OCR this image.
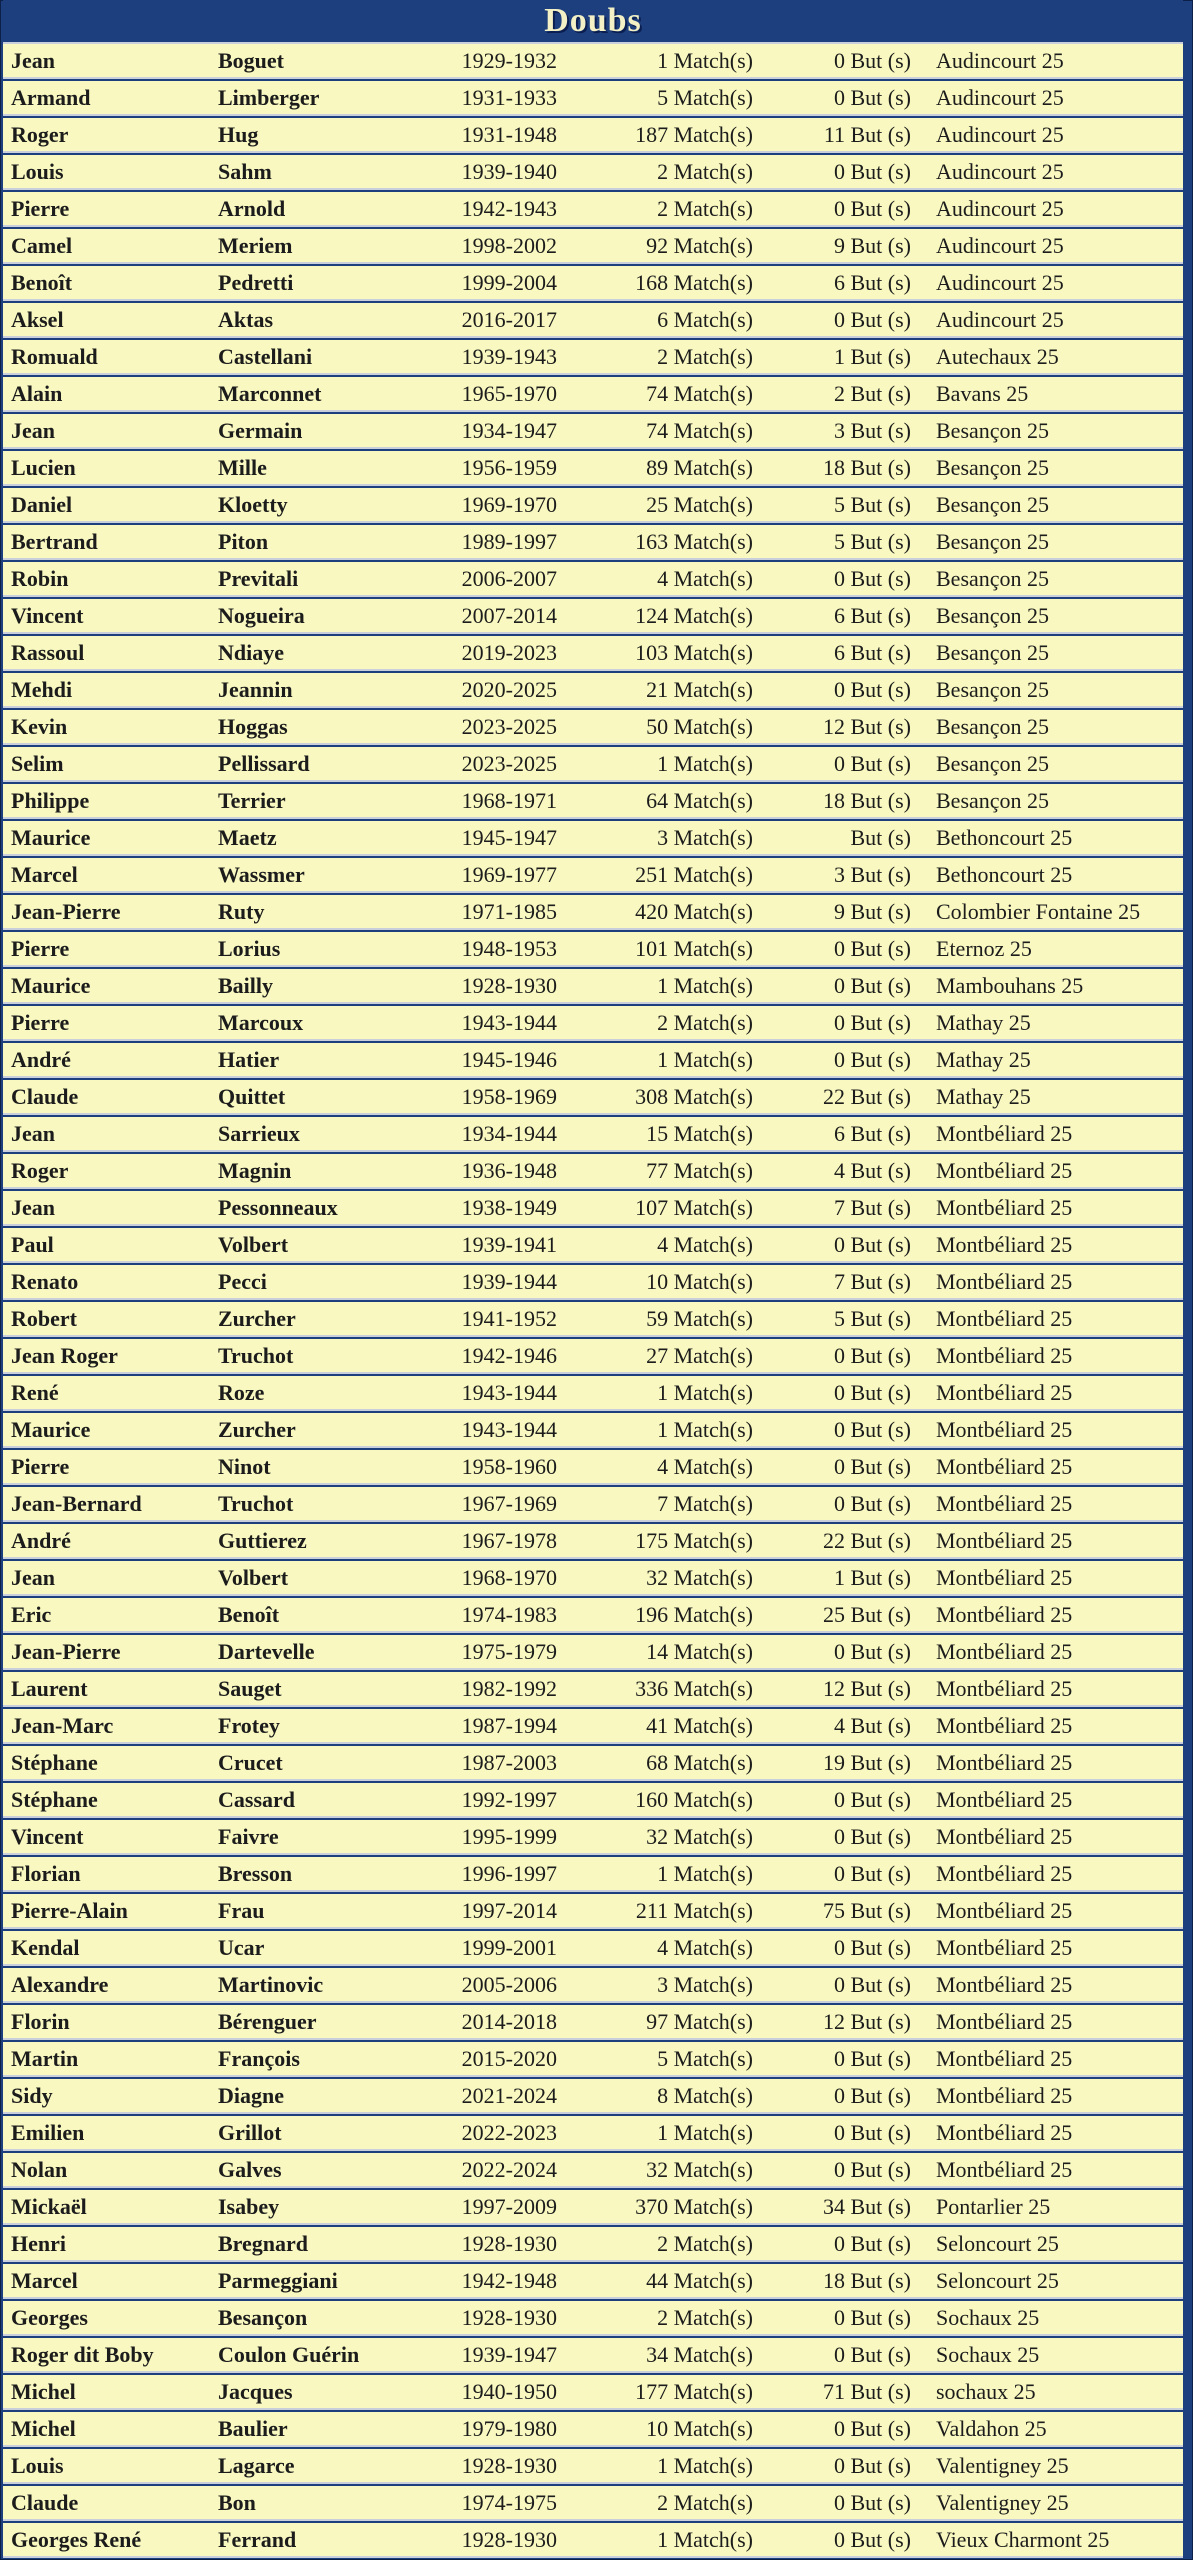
Doubs
Jean	Boguet	1929-1932	1 Match(s)	0 But (s)	Audincourt 25
Armand	Limberger	1931-1933	5 Match(s)	0 But (s)	Audincourt 25
Roger	Hug	1931-1948	187 Match(s)	11 But (s)	Audincourt 25
Louis	Sahm	1939-1940	2 Match(s)	0 But (s)	Audincourt 25
Pierre	Arnold	1942-1943	2 Match(s)	0 But (s)	Audincourt 25
Camel	Meriem	1998-2002	92 Match(s)	9 But (s)	Audincourt 25
Benoît	Pedretti	1999-2004	168 Match(s)	6 But (s)	Audincourt 25
Aksel	Aktas	2016-2017	6 Match(s)	0 But (s)	Audincourt 25
Romuald	Castellani	1939-1943	2 Match(s)	1 But (s)	Autechaux 25
Alain	Marconnet	1965-1970	74 Match(s)	2 But (s)	Bavans 25
Jean	Germain	1934-1947	74 Match(s)	3 But (s)	Besançon 25
Lucien	Mille	1956-1959	89 Match(s)	18 But (s)	Besançon 25
Daniel	Kloetty	1969-1970	25 Match(s)	5 But (s)	Besançon 25
Bertrand	Piton	1989-1997	163 Match(s)	5 But (s)	Besançon 25
Robin	Previtali	2006-2007	4 Match(s)	0 But (s)	Besançon 25
Vincent	Nogueira	2007-2014	124 Match(s)	6 But (s)	Besançon 25
Rassoul	Ndiaye	2019-2023	103 Match(s)	6 But (s)	Besançon 25
Mehdi	Jeannin	2020-2025	21 Match(s)	0 But (s)	Besançon 25
Kevin	Hoggas	2023-2025	50 Match(s)	12 But (s)	Besançon 25
Selim	Pellissard	2023-2025	1 Match(s)	0 But (s)	Besançon 25
Philippe	Terrier	1968-1971	64 Match(s)	18 But (s)	Besançon 25
Maurice	Maetz	1945-1947	3 Match(s)	But (s)	Bethoncourt 25
Marcel	Wassmer	1969-1977	251 Match(s)	3 But (s)	Bethoncourt 25
Jean-Pierre	Ruty	1971-1985	420 Match(s)	9 But (s)	Colombier Fontaine 25
Pierre	Lorius	1948-1953	101 Match(s)	0 But (s)	Eternoz 25
Maurice	Bailly	1928-1930	1 Match(s)	0 But (s)	Mambouhans 25
Pierre	Marcoux	1943-1944	2 Match(s)	0 But (s)	Mathay 25
André	Hatier	1945-1946	1 Match(s)	0 But (s)	Mathay 25
Claude	Quittet	1958-1969	308 Match(s)	22 But (s)	Mathay 25
Jean	Sarrieux	1934-1944	15 Match(s)	6 But (s)	Montbéliard 25
Roger	Magnin	1936-1948	77 Match(s)	4 But (s)	Montbéliard 25
Jean	Pessonneaux	1938-1949	107 Match(s)	7 But (s)	Montbéliard 25
Paul	Volbert	1939-1941	4 Match(s)	0 But (s)	Montbéliard 25
Renato	Pecci	1939-1944	10 Match(s)	7 But (s)	Montbéliard 25
Robert	Zurcher	1941-1952	59 Match(s)	5 But (s)	Montbéliard 25
Jean Roger	Truchot	1942-1946	27 Match(s)	0 But (s)	Montbéliard 25
René	Roze	1943-1944	1 Match(s)	0 But (s)	Montbéliard 25
Maurice	Zurcher	1943-1944	1 Match(s)	0 But (s)	Montbéliard 25
Pierre	Ninot	1958-1960	4 Match(s)	0 But (s)	Montbéliard 25
Jean-Bernard	Truchot	1967-1969	7 Match(s)	0 But (s)	Montbéliard 25
André	Guttierez	1967-1978	175 Match(s)	22 But (s)	Montbéliard 25
Jean	Volbert	1968-1970	32 Match(s)	1 But (s)	Montbéliard 25
Eric	Benoît	1974-1983	196 Match(s)	25 But (s)	Montbéliard 25
Jean-Pierre	Dartevelle	1975-1979	14 Match(s)	0 But (s)	Montbéliard 25
Laurent	Sauget	1982-1992	336 Match(s)	12 But (s)	Montbéliard 25
Jean-Marc	Frotey	1987-1994	41 Match(s)	4 But (s)	Montbéliard 25
Stéphane	Crucet	1987-2003	68 Match(s)	19 But (s)	Montbéliard 25
Stéphane	Cassard	1992-1997	160 Match(s)	0 But (s)	Montbéliard 25
Vincent	Faivre	1995-1999	32 Match(s)	0 But (s)	Montbéliard 25
Florian	Bresson	1996-1997	1 Match(s)	0 But (s)	Montbéliard 25
Pierre-Alain	Frau	1997-2014	211 Match(s)	75 But (s)	Montbéliard 25
Kendal	Ucar	1999-2001	4 Match(s)	0 But (s)	Montbéliard 25
Alexandre	Martinovic	2005-2006	3 Match(s)	0 But (s)	Montbéliard 25
Florin	Bérenguer	2014-2018	97 Match(s)	12 But (s)	Montbéliard 25
Martin	François	2015-2020	5 Match(s)	0 But (s)	Montbéliard 25
Sidy	Diagne	2021-2024	8 Match(s)	0 But (s)	Montbéliard 25
Emilien	Grillot	2022-2023	1 Match(s)	0 But (s)	Montbéliard 25
Nolan	Galves	2022-2024	32 Match(s)	0 But (s)	Montbéliard 25
Mickaël	Isabey	1997-2009	370 Match(s)	34 But (s)	Pontarlier 25
Henri	Bregnard	1928-1930	2 Match(s)	0 But (s)	Seloncourt 25
Marcel	Parmeggiani	1942-1948	44 Match(s)	18 But (s)	Seloncourt 25
Georges	Besançon	1928-1930	2 Match(s)	0 But (s)	Sochaux 25
Roger dit Boby	Coulon Guérin	1939-1947	34 Match(s)	0 But (s)	Sochaux 25
Michel	Jacques	1940-1950	177 Match(s)	71 But (s)	sochaux 25
Michel	Baulier	1979-1980	10 Match(s)	0 But (s)	Valdahon 25
Louis	Lagarce	1928-1930	1 Match(s)	0 But (s)	Valentigney 25
Claude	Bon	1974-1975	2 Match(s)	0 But (s)	Valentigney 25
Georges René	Ferrand	1928-1930	1 Match(s)	0 But (s)	Vieux Charmont 25
